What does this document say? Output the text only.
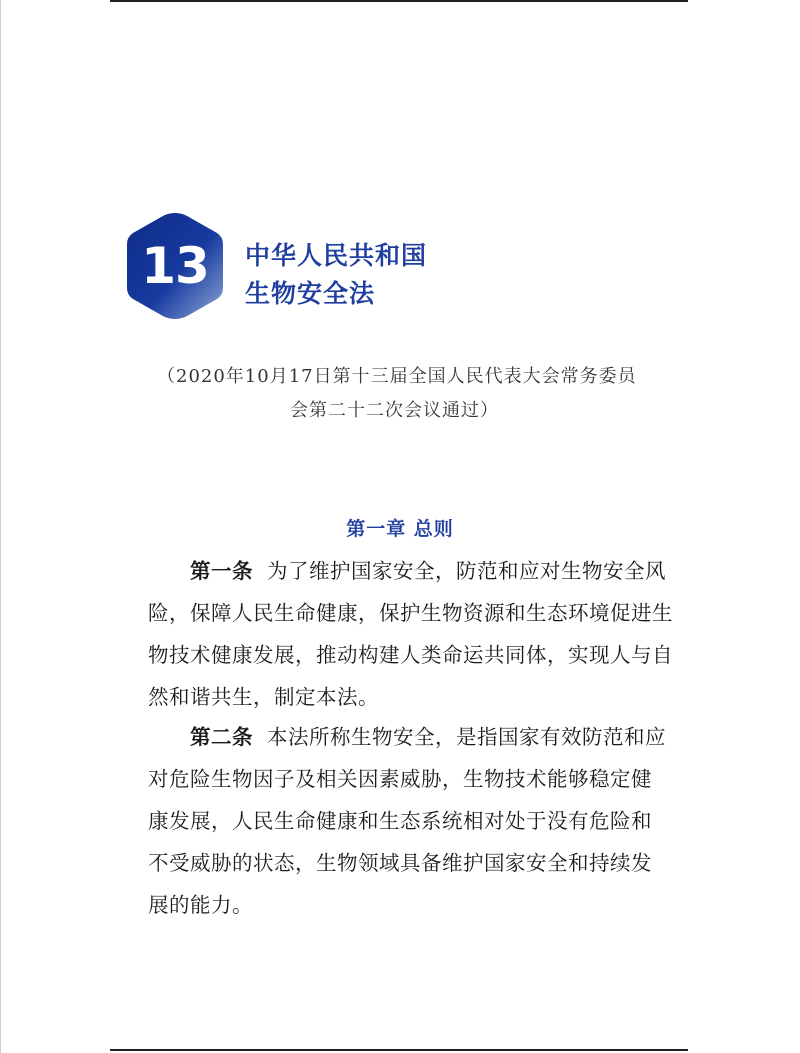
13	中华人民共和国
生物安全法
（2020年10月17日第十三届全国人民代表大会常务委员
会第二十二次会议通过）
第一章 总则
第一条 为了维护国家安全，防范和应对生物安全风
险，保障人民生命健康，保护生物资源和生态环境促进生
物技术健康发展，推动构建人类命运共同体，实现人与自
然和谐共生，制定本法。
第二条 本法所称生物安全，是指国家有效防范和应
对危险生物因子及相关因素威胁，生物技术能够稳定健
康发展，人民生命健康和生态系统相对处于没有危险和
不受威胁的状态，生物领域具备维护国家安全和持续发
展的能力。
